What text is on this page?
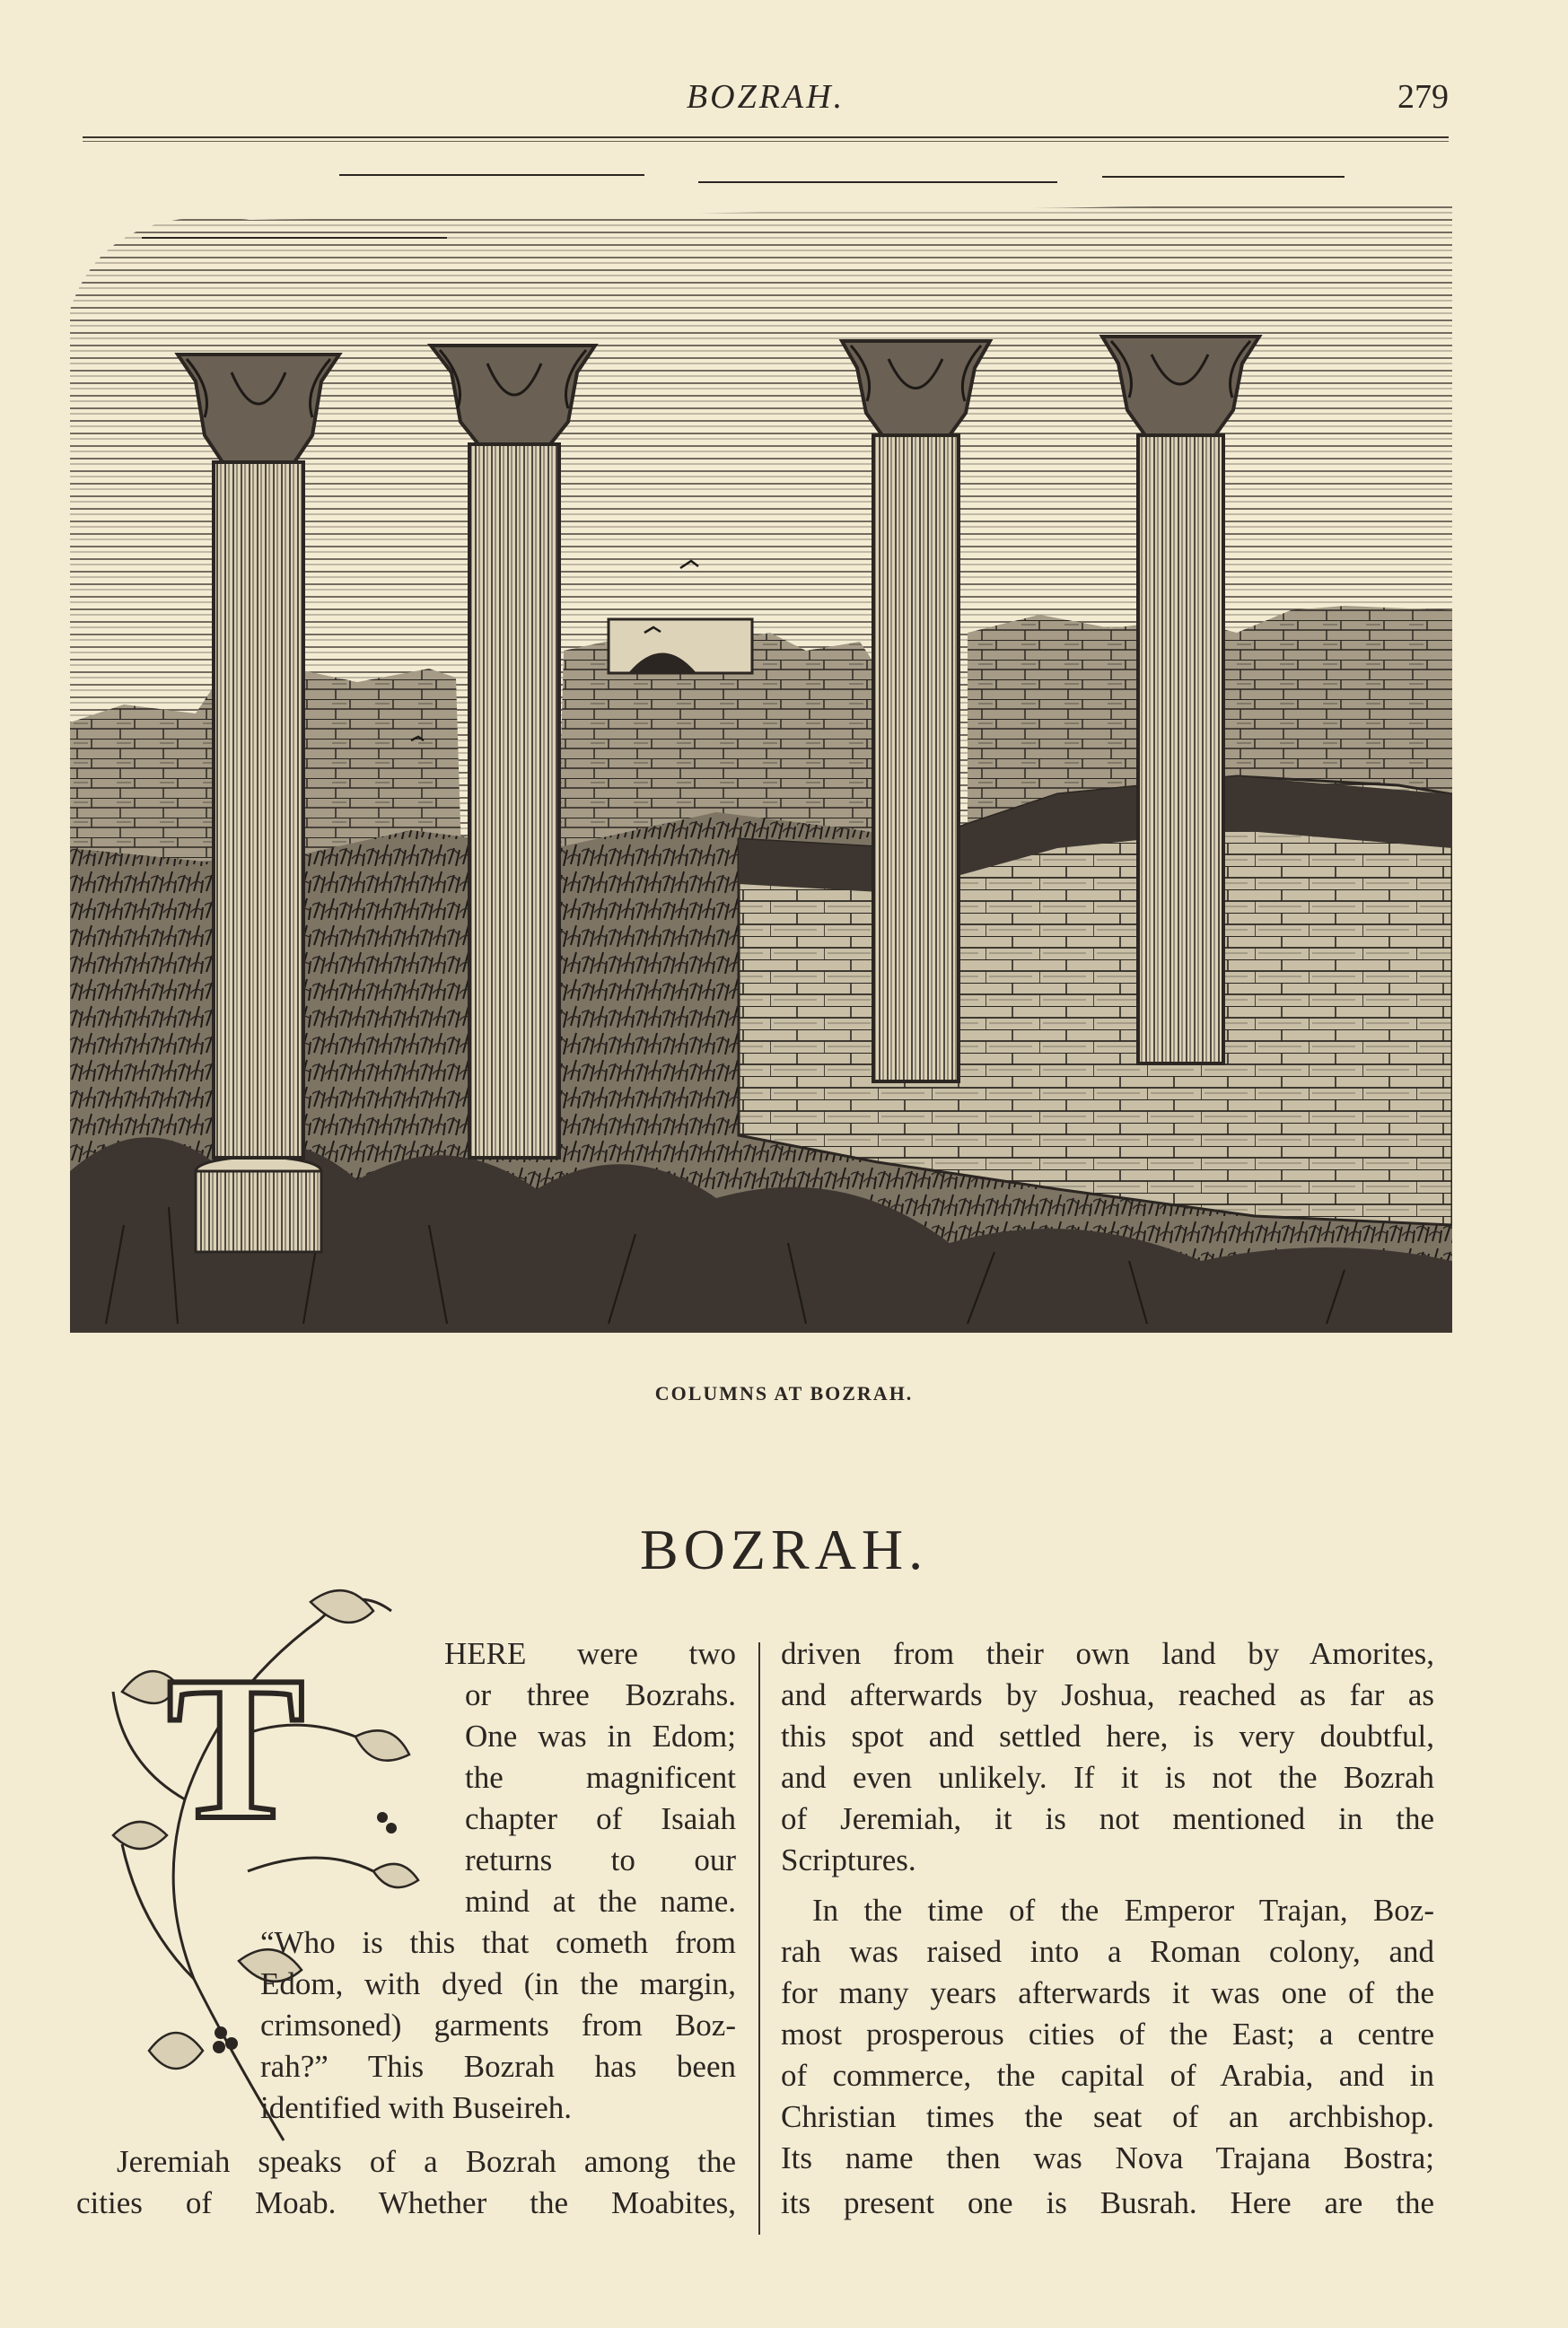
BOZRAH.	279
COLUMNS AT BOZRAH.
BOZRAH.
T	HERE were two
or three Bozrahs.
One was in Edom;
the magnificent
chapter of Isaiah
returns to our
mind at the name.
“Who is this that cometh from
Edom, with dyed (in the margin,
crimsoned) garments from Boz-
rah?” This Bozrah has been
identified with Buseireh.
Jeremiah speaks of a Bozrah among the
cities of Moab. Whether the Moabites,
driven from their own land by Amorites,
and afterwards by Joshua, reached as far as
this spot and settled here, is very doubtful,
and even unlikely. If it is not the Bozrah
of Jeremiah, it is not mentioned in the
Scriptures.
In the time of the Emperor Trajan, Boz-
rah was raised into a Roman colony, and
for many years afterwards it was one of the
most prosperous cities of the East; a centre
of commerce, the capital of Arabia, and in
Christian times the seat of an archbishop.
Its name then was Nova Trajana Bostra;
its present one is Busrah. Here are the
